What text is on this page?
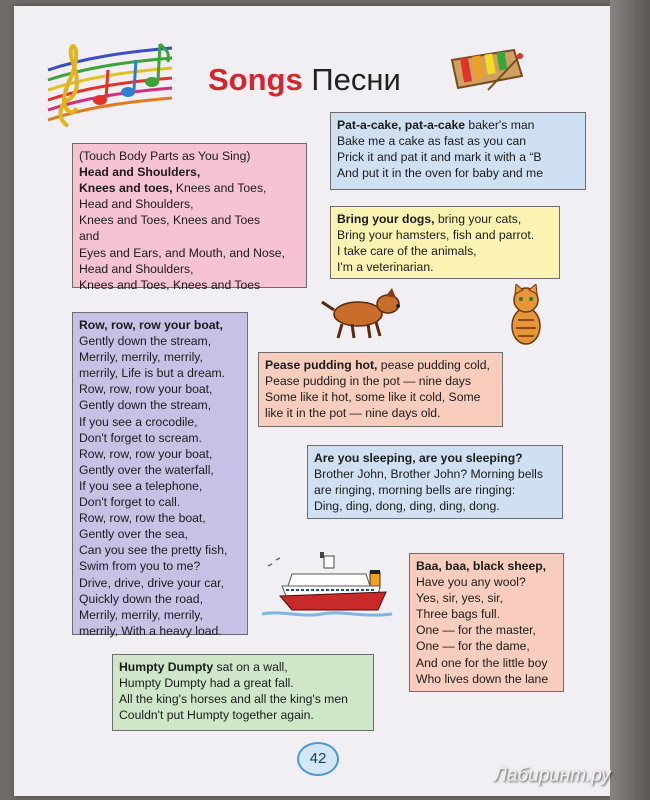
Songs Песни
(Touch Body Parts as You Sing)
Head and Shoulders,
Knees and toes, Knees and Toes,
Head and Shoulders,
Knees and Toes, Knees and Toes
and
Eyes and Ears, and Mouth, and Nose,
Head and Shoulders,
Knees and Toes, Knees and Toes
Pat-a-cake, pat-a-cake baker's man
Bake me a cake as fast as you can
Prick it and pat it and mark it with a “B
And put it in the oven for baby and me
Bring your dogs, bring your cats,
Bring your hamsters, fish and parrot.
I take care of the animals,
I'm a veterinarian.
Row, row, row your boat,
Gently down the stream,
Merrily, merrily, merrily,
merrily, Life is but a dream.
Row, row, row your boat,
Gently down the stream,
If you see a crocodile,
Don't forget to scream.
Row, row, row your boat,
Gently over the waterfall,
If you see a telephone,
Don't forget to call.
Row, row, row the boat,
Gently over the sea,
Can you see the pretty fish,
Swim from you to me?
Drive, drive, drive your car,
Quickly down the road,
Merrily, merrily, merrily,
merrily, With a heavy load.
Pease pudding hot, pease pudding cold,
Pease pudding in the pot — nine days
Some like it hot, some like it cold, Some
like it in the pot — nine days old.
Are you sleeping, are you sleeping?
Brother John, Brother John? Morning bells
are ringing, morning bells are ringing:
Ding, ding, dong, ding, ding, dong.
Baa, baa, black sheep,
Have you any wool?
Yes, sir, yes, sir,
Three bags full.
One — for the master,
One — for the dame,
And one for the little boy
Who lives down the lane
Humpty Dumpty sat on a wall,
Humpty Dumpty had a great fall.
All the king's horses and all the king's men
Couldn't put Humpty together again.
42
Лабиринт.ру
